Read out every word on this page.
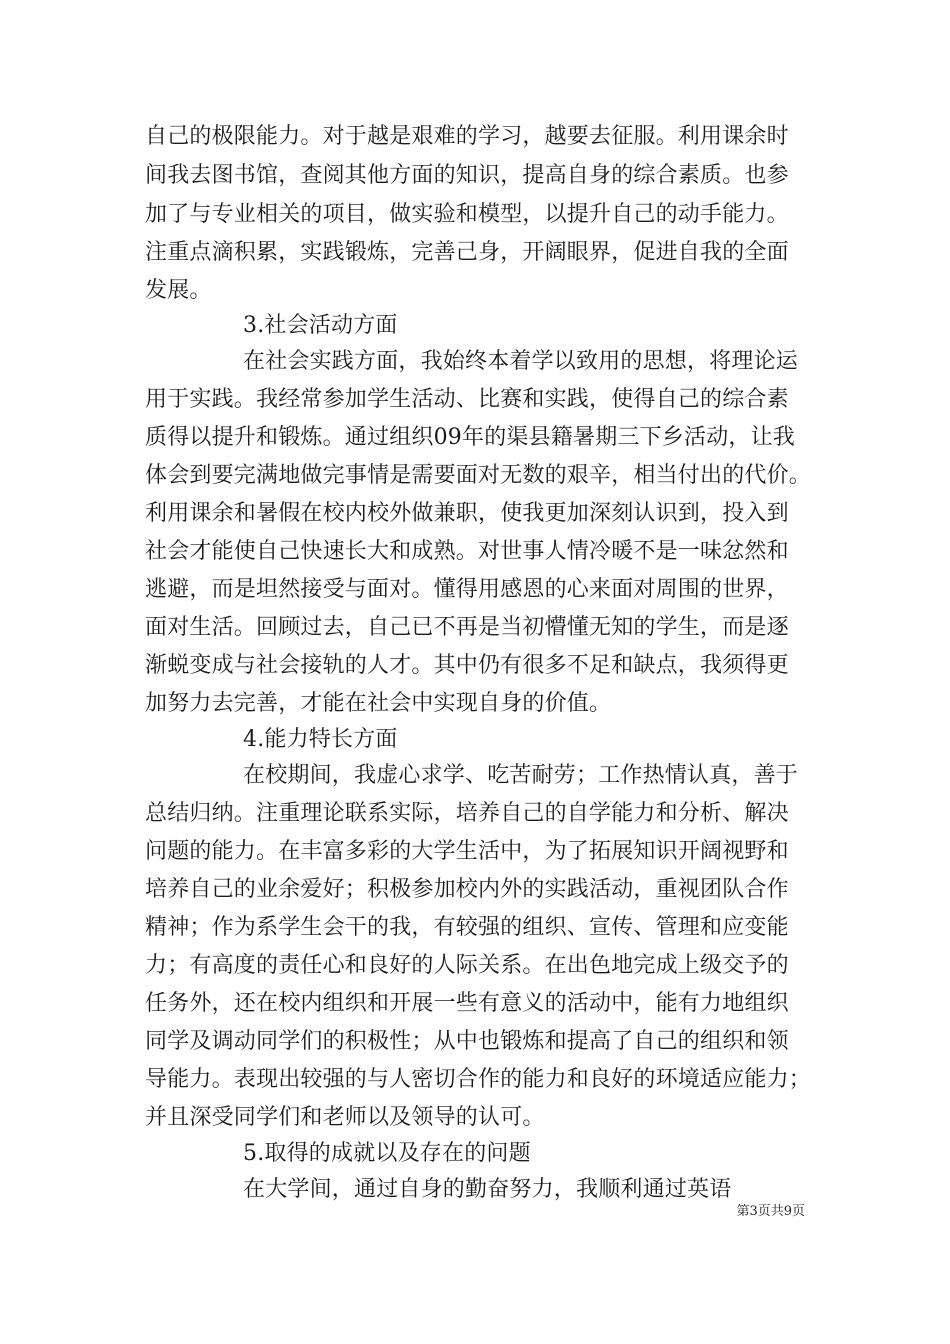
自己的极限能力。对于越是艰难的学习，越要去征服。利用课余时
间我去图书馆，查阅其他方面的知识，提高自身的综合素质。也参
加了与专业相关的项目，做实验和模型，以提升自己的动手能力。
注重点滴积累，实践锻炼，完善己身，开阔眼界，促进自我的全面
发展。
3.社会活动方面
在社会实践方面，我始终本着学以致用的思想，将理论运
用于实践。我经常参加学生活动、比赛和实践，使得自己的综合素
质得以提升和锻炼。通过组织09年的渠县籍暑期三下乡活动，让我
体会到要完满地做完事情是需要面对无数的艰辛，相当付出的代价。
利用课余和暑假在校内校外做兼职，使我更加深刻认识到，投入到
社会才能使自己快速长大和成熟。对世事人情冷暖不是一味忿然和
逃避，而是坦然接受与面对。懂得用感恩的心来面对周围的世界，
面对生活。回顾过去，自己已不再是当初懵懂无知的学生，而是逐
渐蜕变成与社会接轨的人才。其中仍有很多不足和缺点，我须得更
加努力去完善，才能在社会中实现自身的价值。
4.能力特长方面
在校期间，我虚心求学、吃苦耐劳；工作热情认真，善于
总结归纳。注重理论联系实际，培养自己的自学能力和分析、解决
问题的能力。在丰富多彩的大学生活中，为了拓展知识开阔视野和
培养自己的业余爱好；积极参加校内外的实践活动，重视团队合作
精神；作为系学生会干的我，有较强的组织、宣传、管理和应变能
力；有高度的责任心和良好的人际关系。在出色地完成上级交予的
任务外，还在校内组织和开展一些有意义的活动中，能有力地组织
同学及调动同学们的积极性；从中也锻炼和提高了自己的组织和领
导能力。表现出较强的与人密切合作的能力和良好的环境适应能力；
并且深受同学们和老师以及领导的认可。
5.取得的成就以及存在的问题
在大学间，通过自身的勤奋努力，我顺利通过英语
第3页共9页
